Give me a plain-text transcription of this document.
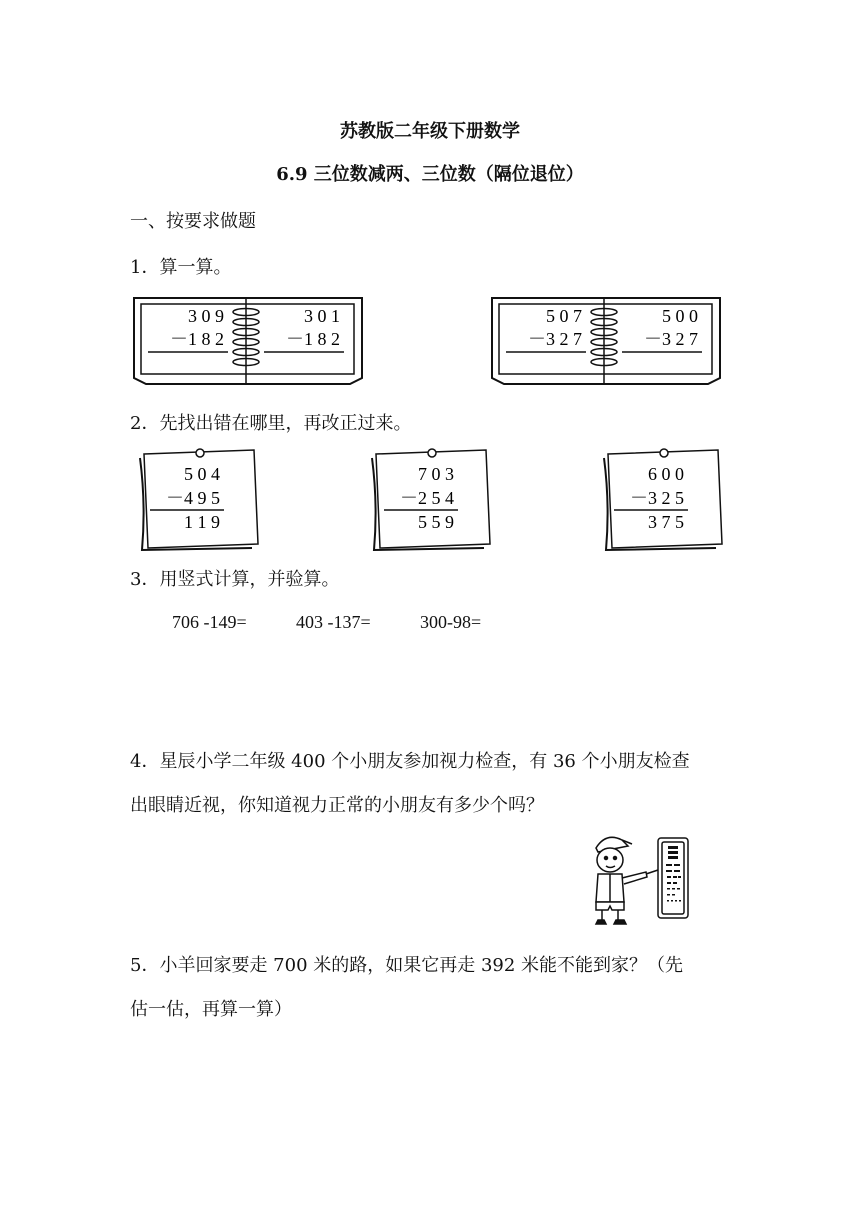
苏教版二年级下册数学
6.9 三位数减两、三位数（隔位退位）
一、按要求做题
1．算一算。
3 0 9
－1 8 2
3 0 1
－1 8 2
5 0 7
－3 2 7
5 0 0
－3 2 7
2．先找出错在哪里，再改正过来。
5 0 4
－4 9 5
1 1 9
7 0 3
－2 5 4
5 5 9
6 0 0
－3 2 5
3 7 5
3．用竖式计算，并验算。
706 -149=	403 -137=	300-98=
4．星辰小学二年级 400 个小朋友参加视力检查，有 36 个小朋友检查
出眼睛近视，你知道视力正常的小朋友有多少个吗？
5．小羊回家要走 700 米的路，如果它再走 392 米能不能到家？（先
估一估，再算一算）
